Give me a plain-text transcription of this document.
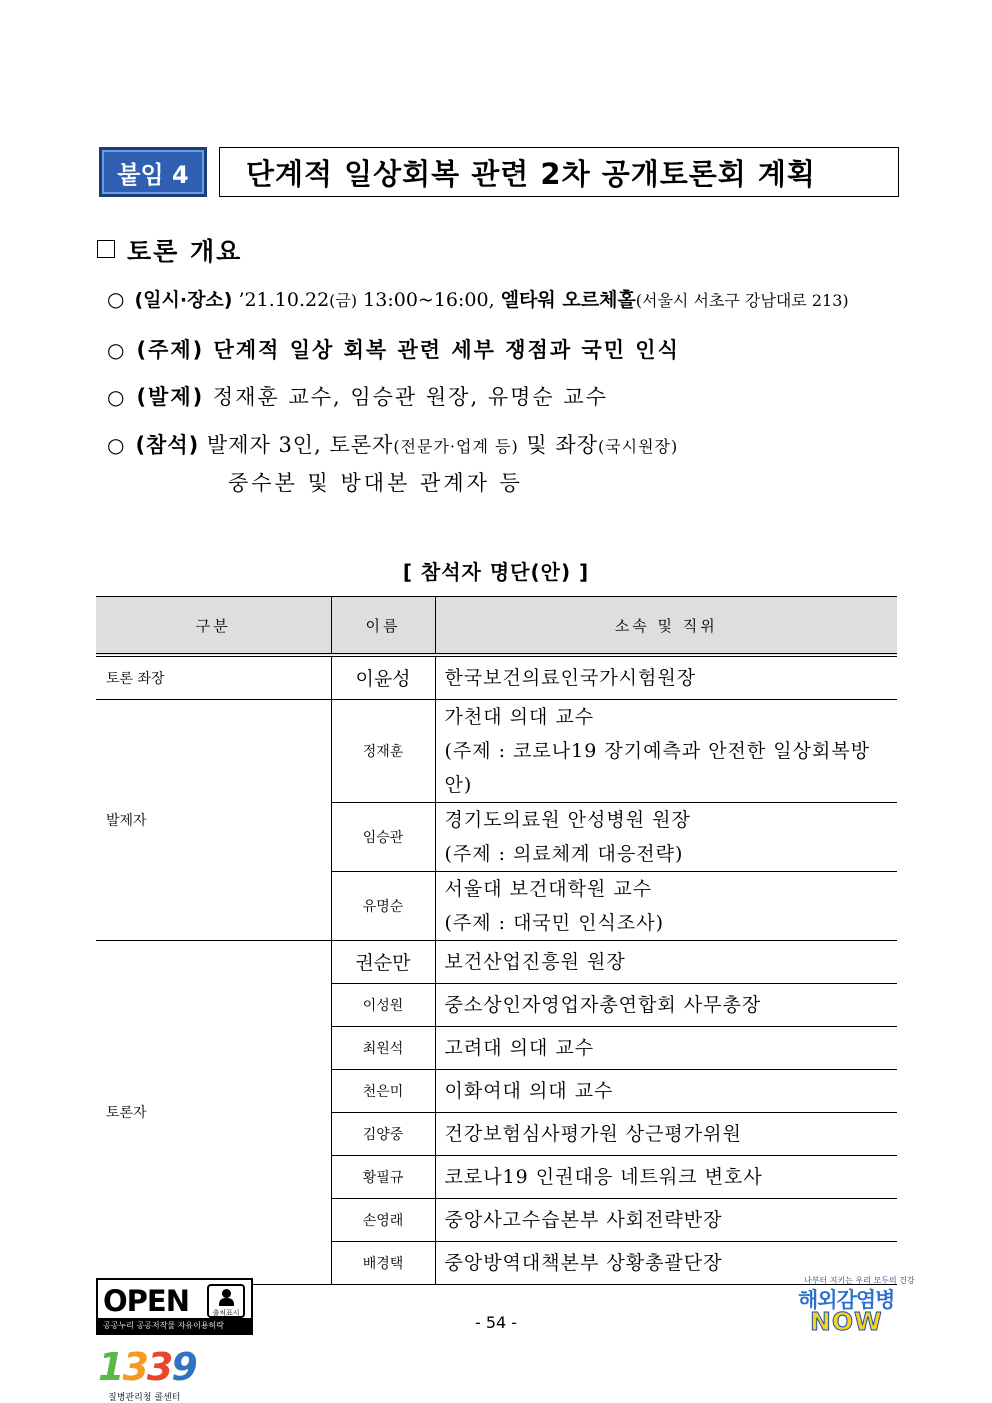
붙임 4	단계적 일상회복 관련 2차 공개토론회 계획
토론 개요
○ (일시·장소) ’21.10.22(금) 13:00~16:00, 엘타워 오르체홀(서울시 서초구 강남대로 213)
○ (주제) 단계적 일상 회복 관련 세부 쟁점과 국민 인식
○ (발제) 정재훈 교수, 임승관 원장, 유명순 교수
○ (참석) 발제자 3인, 토론자(전문가·업계 등) 및 좌장(국시원장)
중수본 및 방대본 관계자 등
[ 참석자 명단(안) ]
구분	이름	소속 및 직위
토론 좌장	이윤성	한국보건의료인국가시험원장
발제자	정재훈	가천대 의대 교수
(주제 : 코로나19 장기예측과 안전한 일상회복방안)

	임승관	경기도의료원 안성병원 원장
(주제 : 의료체계 대응전략)

	유명순	서울대 보건대학원 교수
(주제 : 대국민 인식조사)

토론자	권순만	보건산업진흥원 원장
	이성원	중소상인자영업자총연합회 사무총장
	최원석	고려대 의대 교수
	천은미	이화여대 의대 교수
	김양중	건강보험심사평가원 상근평가위원
	황필규	코로나19 인권대응 네트워크 변호사
	손영래	중앙사고수습본부 사회전략반장
	배경택	중앙방역대책본부 상황총괄단장
- 54 -
OPEN	출처표시
공공누리 공공저작물 자유이용허락
1339
질병관리청 콜센터
나부터 지키는 우리 모두의 건강
해외감염병
NOW
